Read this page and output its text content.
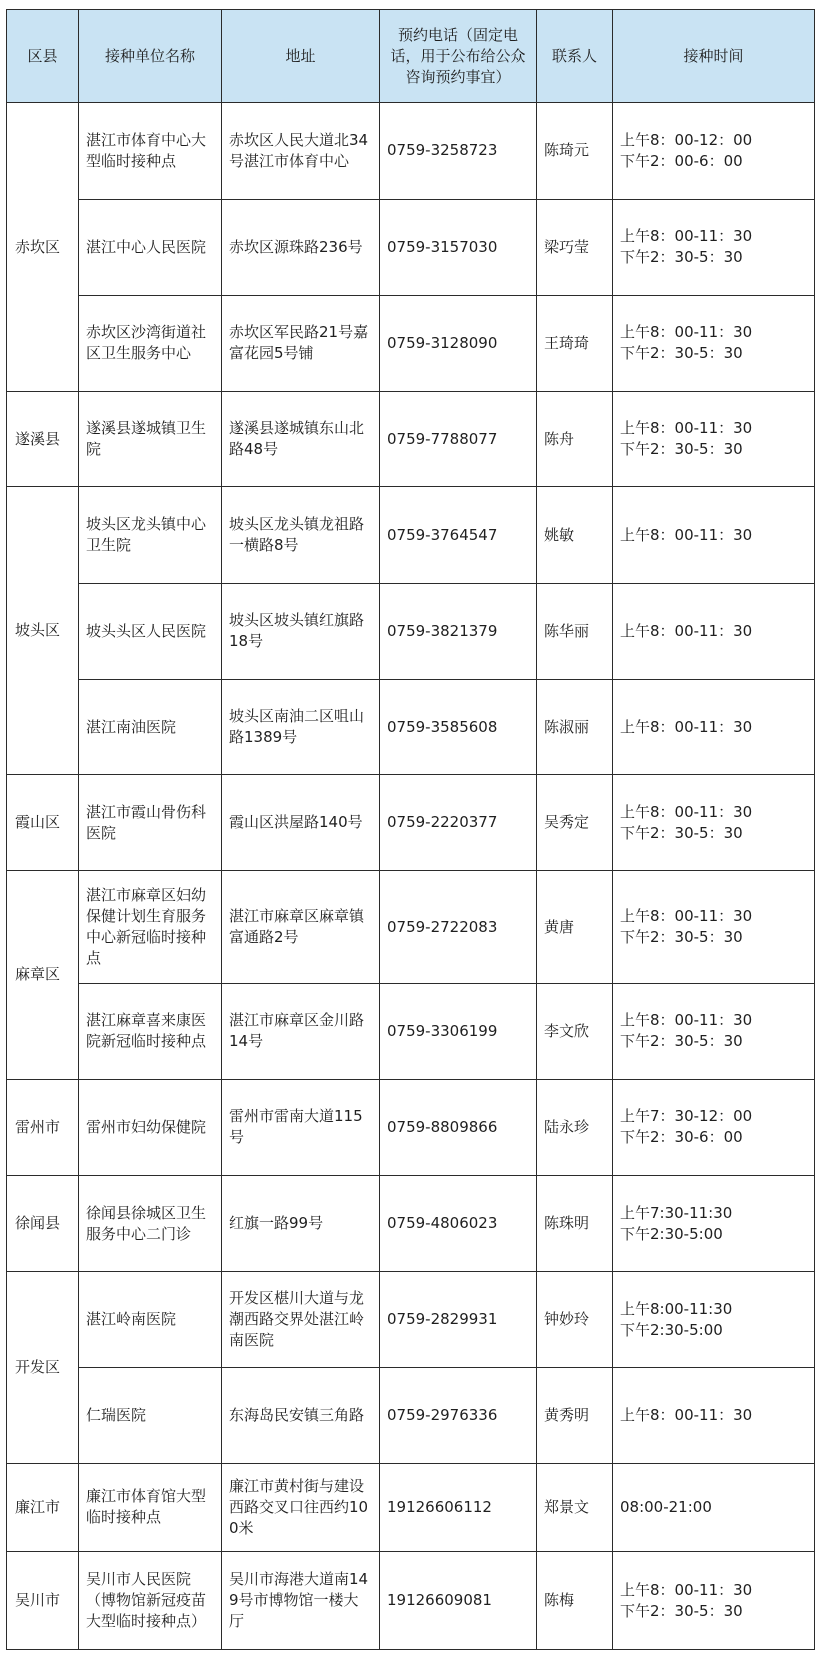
区县	接种单位名称	地址	预约电话（固定电话，用于公布给公众咨询预约事宜）	联系人	接种时间
赤坎区	湛江市体育中心大型临时接种点	赤坎区人民大道北34号湛江市体育中心	0759-3258723	陈琦元	上午8：00-12：00
下午2：00-6：00
	湛江中心人民医院	赤坎区源珠路236号	0759-3157030	梁巧莹	上午8：00-11：30
下午2：30-5：30
	赤坎区沙湾街道社区卫生服务中心	赤坎区军民路21号嘉富花园5号铺	0759-3128090	王琦琦	上午8：00-11：30
下午2：30-5：30
遂溪县	遂溪县遂城镇卫生院	遂溪县遂城镇东山北路48号	0759-7788077	陈舟	上午8：00-11：30
下午2：30-5：30
坡头区	坡头区龙头镇中心卫生院	坡头区龙头镇龙祖路一横路8号	0759-3764547	姚敏	上午8：00-11：30
	坡头头区人民医院	坡头区坡头镇红旗路18号	0759-3821379	陈华丽	上午8：00-11：30
	湛江南油医院	坡头区南油二区咀山路1389号	0759-3585608	陈淑丽	上午8：00-11：30
霞山区	湛江市霞山骨伤科医院	霞山区洪屋路140号	0759-2220377	吴秀定	上午8：00-11：30
下午2：30-5：30
麻章区	湛江市麻章区妇幼保健计划生育服务中心新冠临时接种点	湛江市麻章区麻章镇富通路2号	0759-2722083	黄唐	上午8：00-11：30
下午2：30-5：30
	湛江麻章喜来康医院新冠临时接种点	湛江市麻章区金川路14号	0759-3306199	李文欣	上午8：00-11：30
下午2：30-5：30
雷州市	雷州市妇幼保健院	雷州市雷南大道115号	0759-8809866	陆永珍	上午7：30-12：00
下午2：30-6：00
徐闻县	徐闻县徐城区卫生服务中心二门诊	红旗一路99号	0759-4806023	陈珠明	上午7:30-11:30
下午2:30-5:00
开发区	湛江岭南医院	开发区椹川大道与龙潮西路交界处湛江岭南医院	0759-2829931	钟妙玲	上午8:00-11:30
下午2:30-5:00
	仁瑞医院	东海岛民安镇三角路	0759-2976336	黄秀明	上午8：00-11：30
廉江市	廉江市体育馆大型临时接种点	廉江市黄村街与建设西路交叉口往西约100米	19126606112	郑景文	08:00-21:00
吴川市	吴川市人民医院（博物馆新冠疫苗大型临时接种点）	吴川市海港大道南149号市博物馆一楼大厅	19126609081	陈梅	上午8：00-11：30
下午2：30-5：30
